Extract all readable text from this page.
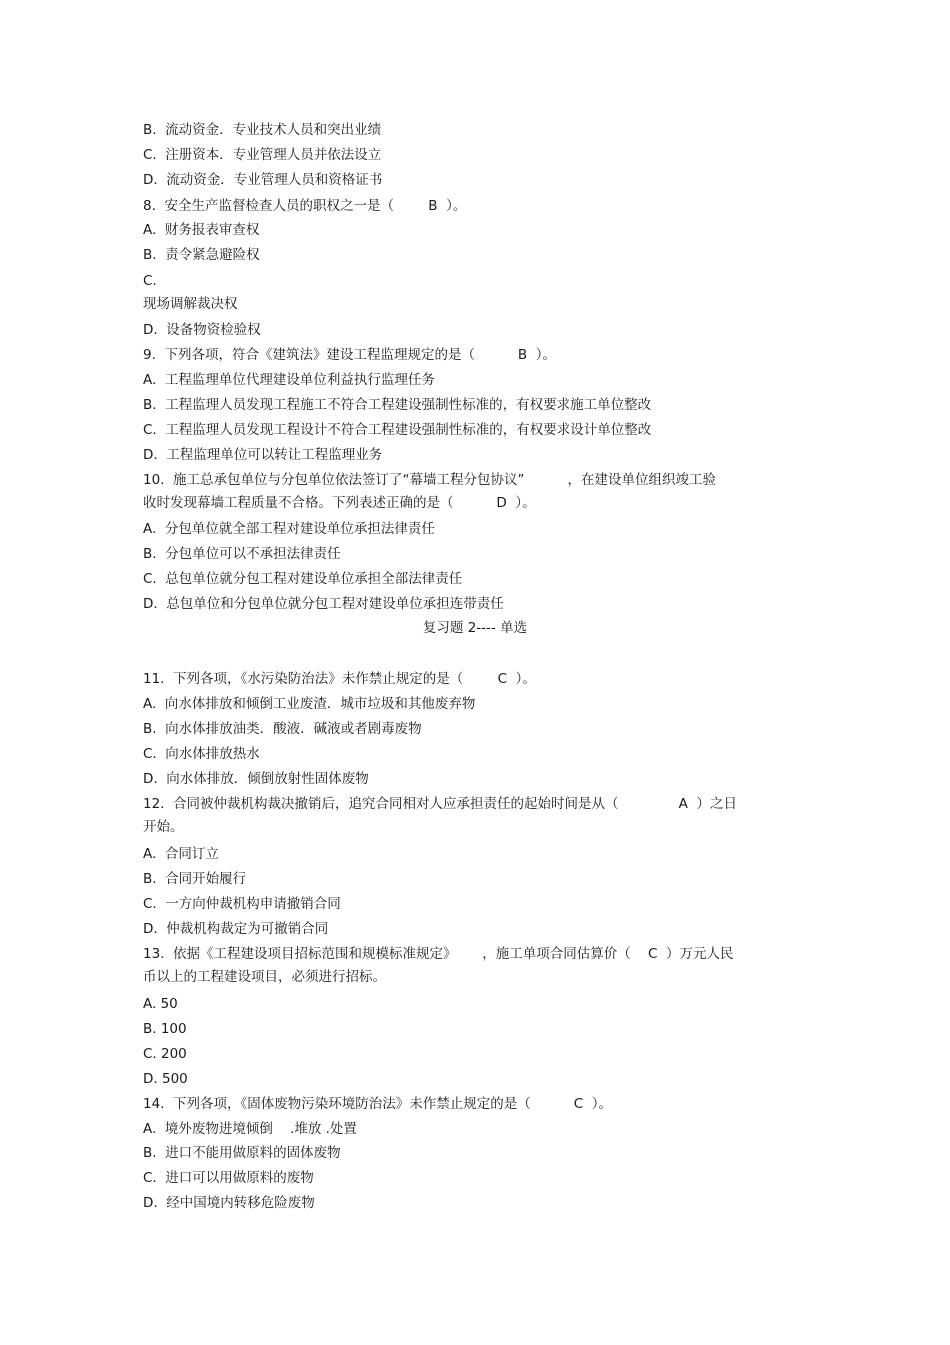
B.  流动资金．专业技术人员和突出业绩
C.  注册资本．专业管理人员并依法设立
D.  流动资金．专业管理人员和资格证书
8.  安全生产监督检查人员的职权之一是（        B  ）。
A.  财务报表审查权
B.  责令紧急避险权
C.
现场调解裁决权
D.  设备物资检验权
9.  下列各项，符合《建筑法》建设工程监理规定的是（          B  ）。
A.  工程监理单位代理建设单位利益执行监理任务
B.  工程监理人员发现工程施工不符合工程建设强制性标准的，有权要求施工单位整改
C.  工程监理人员发现工程设计不符合工程建设强制性标准的，有权要求设计单位整改
D.  工程监理单位可以转让工程监理业务
10.  施工总承包单位与分包单位依法签订了“幕墙工程分包协议”          ，在建设单位组织竣工验
收时发现幕墙工程质量不合格。下列表述正确的是（          D  ）。
A.  分包单位就全部工程对建设单位承担法律责任
B.  分包单位可以不承担法律责任
C.  总包单位就分包工程对建设单位承担全部法律责任
D.  总包单位和分包单位就分包工程对建设单位承担连带责任
复习题 2---- 单选
11.  下列各项，《水污染防治法》未作禁止规定的是（        C  ）。
A.  向水体排放和倾倒工业废渣．城市垃圾和其他废弃物
B.  向水体排放油类．酸液．碱液或者剧毒废物
C.  向水体排放热水
D.  向水体排放．倾倒放射性固体废物
12.  合同被仲裁机构裁决撤销后，追究合同相对人应承担责任的起始时间是从（              A  ）之日
开始。
A.  合同订立
B.  合同开始履行
C.  一方向仲裁机构申请撤销合同
D.  仲裁机构裁定为可撤销合同
13.  依据《工程建设项目招标范围和规模标准规定》      ，施工单项合同估算价（    C  ）万元人民
币以上的工程建设项目，必须进行招标。
A. 50
B. 100
C. 200
D. 500
14.  下列各项，《固体废物污染环境防治法》未作禁止规定的是（          C  ）。
A.  境外废物进境倾倒    .堆放 .处置
B.  进口不能用做原料的固体废物
C.  进口可以用做原料的废物
D.  经中国境内转移危险废物
